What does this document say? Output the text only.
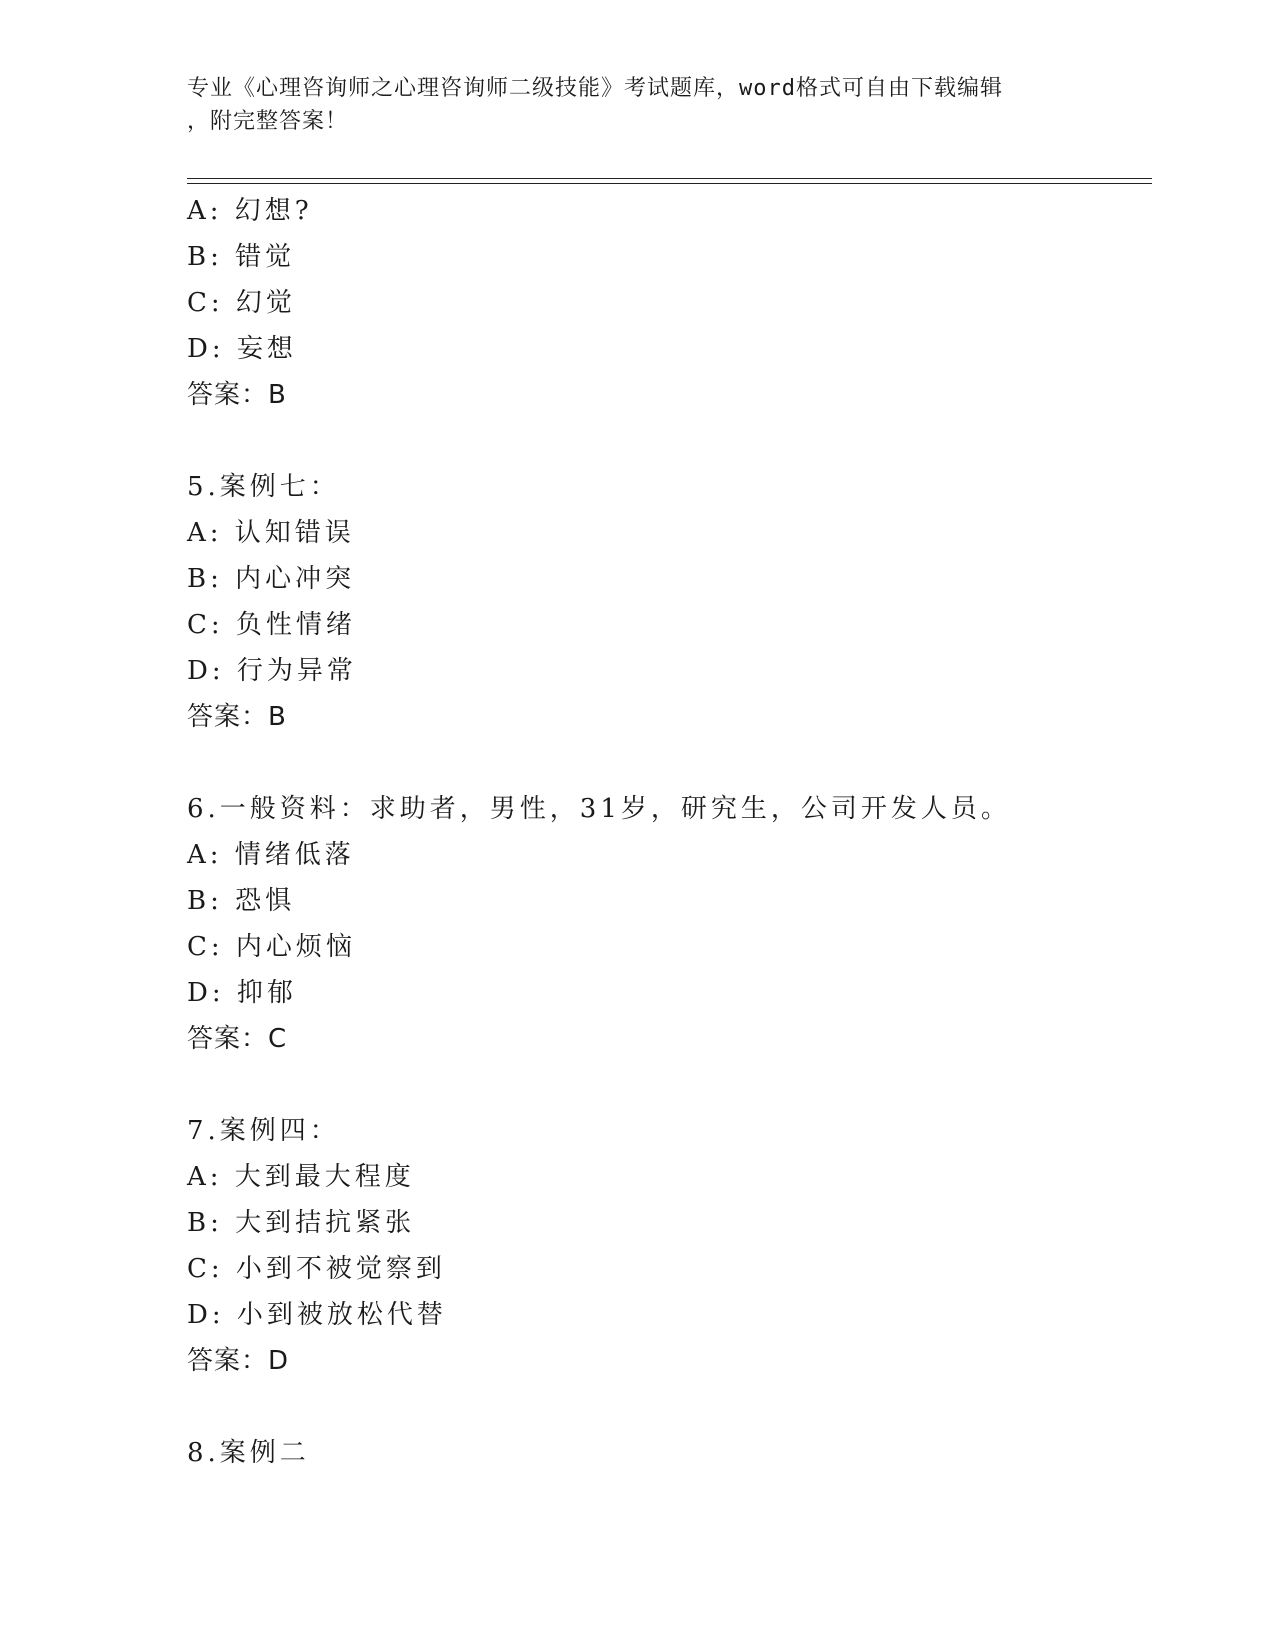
专业《心理咨询师之心理咨询师二级技能》考试题库，word格式可自由下载编辑
，附完整答案！
A: 幻想?
B: 错觉
C: 幻觉
D: 妄想
答案：B
5.案例七：
A: 认知错误
B: 内心冲突
C: 负性情绪
D: 行为异常
答案：B
6.一般资料：求助者，男性，31岁，研究生，公司开发人员。
A: 情绪低落
B: 恐惧
C: 内心烦恼
D: 抑郁
答案：C
7.案例四：
A: 大到最大程度
B: 大到拮抗紧张
C: 小到不被觉察到
D: 小到被放松代替
答案：D
8.案例二
